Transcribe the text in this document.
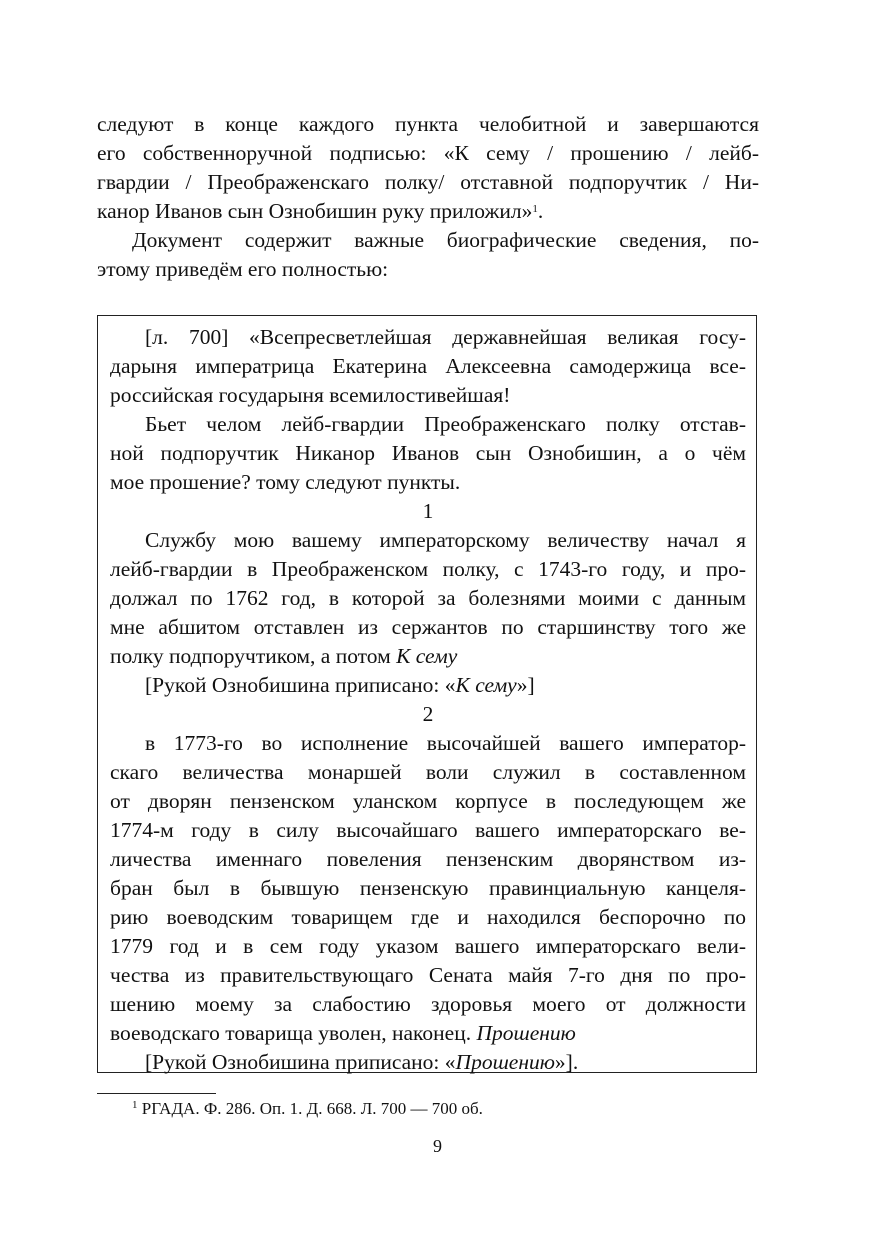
следуют в конце каждого пункта челобитной и завершаются
его собственноручной подписью: «К сему / прошению / лейб-
гвардии / Преображенскаго полку/ отставной подпоручтик / Ни-
канор Иванов сын Ознобишин руку приложил»$^1$.
Документ содержит важные биографические сведения, по-
этому приведём его полностью:
[л. 700] «Всепресветлейшая державнейшая великая госу-
дарыня императрица Екатерина Алексеевна самодержица все-
российская государыня всемилостивейшая!
Бьет челом лейб-гвардии Преображенскаго полку отстав-
ной подпоручтик Никанор Иванов сын Ознобишин, а о чём
мое прошение? тому следуют пункты.
1
Службу мою вашему императорскому величеству начал я
лейб-гвардии в Преображенском полку, с 1743-го году, и про-
должал по 1762 год, в которой за болезнями моими с данным
мне абшитом отставлен из сержантов по старшинству того же
полку подпоручтиком, а потом К сему
[Рукой Ознобишина приписано: «К сему»]
2
в 1773-го во исполнение высочайшей вашего император-
скаго величества монаршей воли служил в составленном
от дворян пензенском уланском корпусе в последующем же
1774-м году в силу высочайшаго вашего императорскаго ве-
личества именнаго повеления пензенским дворянством из-
бран был в бывшую пензенскую правинциальную канцеля-
рию воеводским товарищем где и находился беспорочно по
1779 год и в сем году указом вашего императорскаго вели-
чества из правительствующаго Сената майя 7-го дня по про-
шению моему за слабостию здоровья моего от должности
воеводскаго товарища уволен, наконец. Прошению
[Рукой Ознобишина приписано: «Прошению»].
$^1$ РГАДА. Ф. 286. Оп. 1. Д. 668. Л. 700 — 700 об.
9
